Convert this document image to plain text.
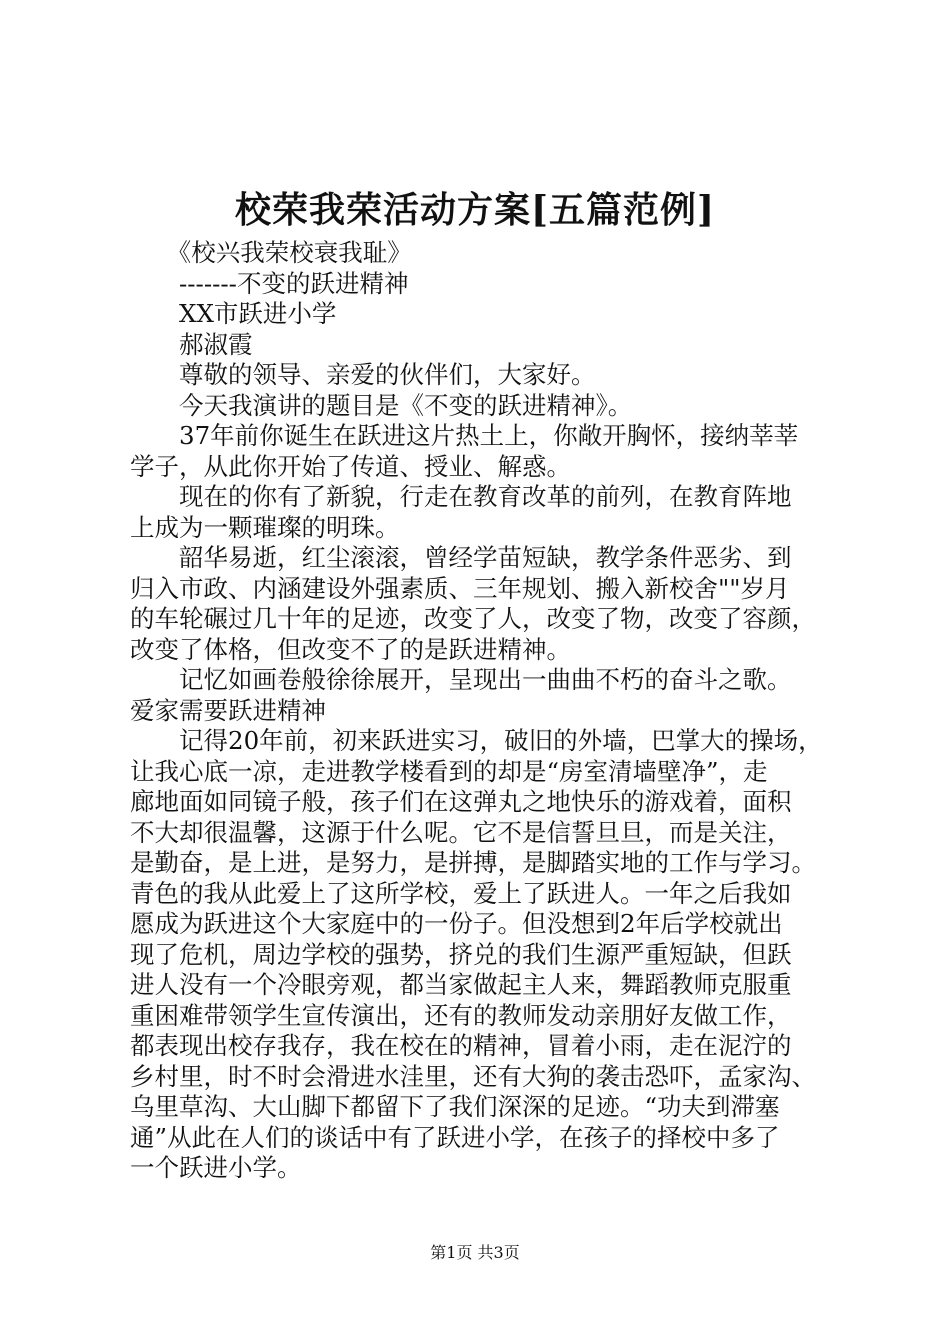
校荣我荣活动方案[五篇范例]
　　《校兴我荣校衰我耻》
　　-------不变的跃进精神
　　XX市跃进小学
　　郝淑霞
　　尊敬的领导、亲爱的伙伴们，大家好。
　　今天我演讲的题目是《不变的跃进精神》。
　　37年前你诞生在跃进这片热土上，你敞开胸怀，接纳莘莘
学子，从此你开始了传道、授业、解惑。
　　现在的你有了新貌，行走在教育改革的前列，在教育阵地
上成为一颗璀璨的明珠。
　　韶华易逝，红尘滚滚，曾经学苗短缺，教学条件恶劣、到
归入市政、内涵建设外强素质、三年规划、搬入新校舍""岁月
的车轮碾过几十年的足迹，改变了人，改变了物，改变了容颜，
改变了体格，但改变不了的是跃进精神。
　　记忆如画卷般徐徐展开，呈现出一曲曲不朽的奋斗之歌。
爱家需要跃进精神
　　记得20年前，初来跃进实习，破旧的外墙，巴掌大的操场，
让我心底一凉，走进教学楼看到的却是“房室清墙壁净”，走
廊地面如同镜子般，孩子们在这弹丸之地快乐的游戏着，面积
不大却很温馨，这源于什么呢。它不是信誓旦旦，而是关注，
是勤奋，是上进，是努力，是拼搏，是脚踏实地的工作与学习。
青色的我从此爱上了这所学校，爱上了跃进人。一年之后我如
愿成为跃进这个大家庭中的一份子。但没想到2年后学校就出
现了危机，周边学校的强势，挤兑的我们生源严重短缺，但跃
进人没有一个冷眼旁观，都当家做起主人来，舞蹈教师克服重
重困难带领学生宣传演出，还有的教师发动亲朋好友做工作，
都表现出校存我存，我在校在的精神，冒着小雨，走在泥泞的
乡村里，时不时会滑进水洼里，还有大狗的袭击恐吓，孟家沟、
乌里草沟、大山脚下都留下了我们深深的足迹。“功夫到滞塞
通”从此在人们的谈话中有了跃进小学，在孩子的择校中多了
一个跃进小学。
第1页 共3页
